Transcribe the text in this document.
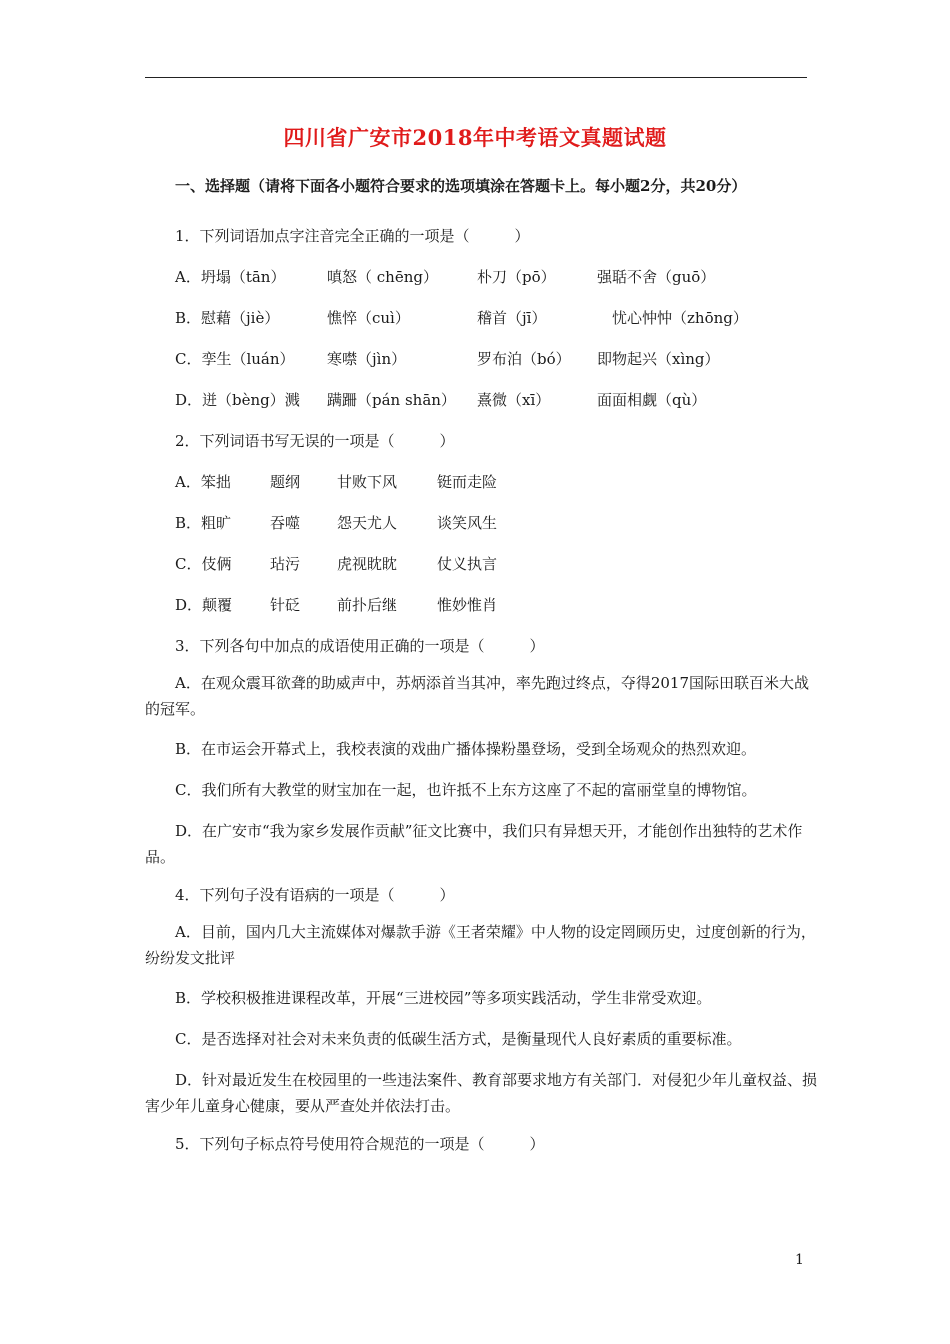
四川省广安市2018年中考语文真题试题

一、选择题（请将下面各小题符合要求的选项填涂在答题卡上。每小题2分，共20分）

1．下列词语加点字注音完全正确的一项是（　　　）
A．坍塌（tān）	嗔怒（ chēng）	朴刀（pō）	强聒不舍（guō）
B．慰藉（jiè）	憔悴（cuì）	稽首（jī）	忧心忡忡（zhōng）
C．孪生（luán）	寒噤（jìn）	罗布泊（bó）	即物起兴（xìng）
D．迸（bèng）溅	蹒跚（pán shān）	熹微（xī）	面面相觑（qù）
2．下列词语书写无误的一项是（　　　）
A．笨拙	题纲	甘败下风	铤而走险
B．粗旷	吞噬	怨天尤人	谈笑风生
C．伎俩	玷污	虎视眈眈	仗义执言
D．颠覆	针砭	前扑后继	惟妙惟肖
3．下列各句中加点的成语使用正确的一项是（　　　）

A．在观众震耳欲聋的助威声中，苏炳添首当其冲，率先跑过终点，夺得2017国际田联百米大战的冠军。

B．在市运会开幕式上，我校表演的戏曲广播体操粉墨登场，受到全场观众的热烈欢迎。

C．我们所有大教堂的财宝加在一起，也许抵不上东方这座了不起的富丽堂皇的博物馆。

D．在广安市“我为家乡发展作贡献”征文比赛中，我们只有异想天开，才能创作出独特的艺术作品。

4．下列句子没有语病的一项是（　　　）

A．目前，国内几大主流媒体对爆款手游《王者荣耀》中人物的设定罔顾历史，过度创新的行为，纷纷发文批评

B．学校积极推进课程改革，开展“三进校园”等多项实践活动，学生非常受欢迎。

C．是否选择对社会对未来负责的低碳生活方式，是衡量现代人良好素质的重要标准。

D．针对最近发生在校园里的一些违法案件、教育部要求地方有关部门．对侵犯少年儿童权益、损害少年儿童身心健康，要从严查处并依法打击。

5．下列句子标点符号使用符合规范的一项是（　　　）
1
